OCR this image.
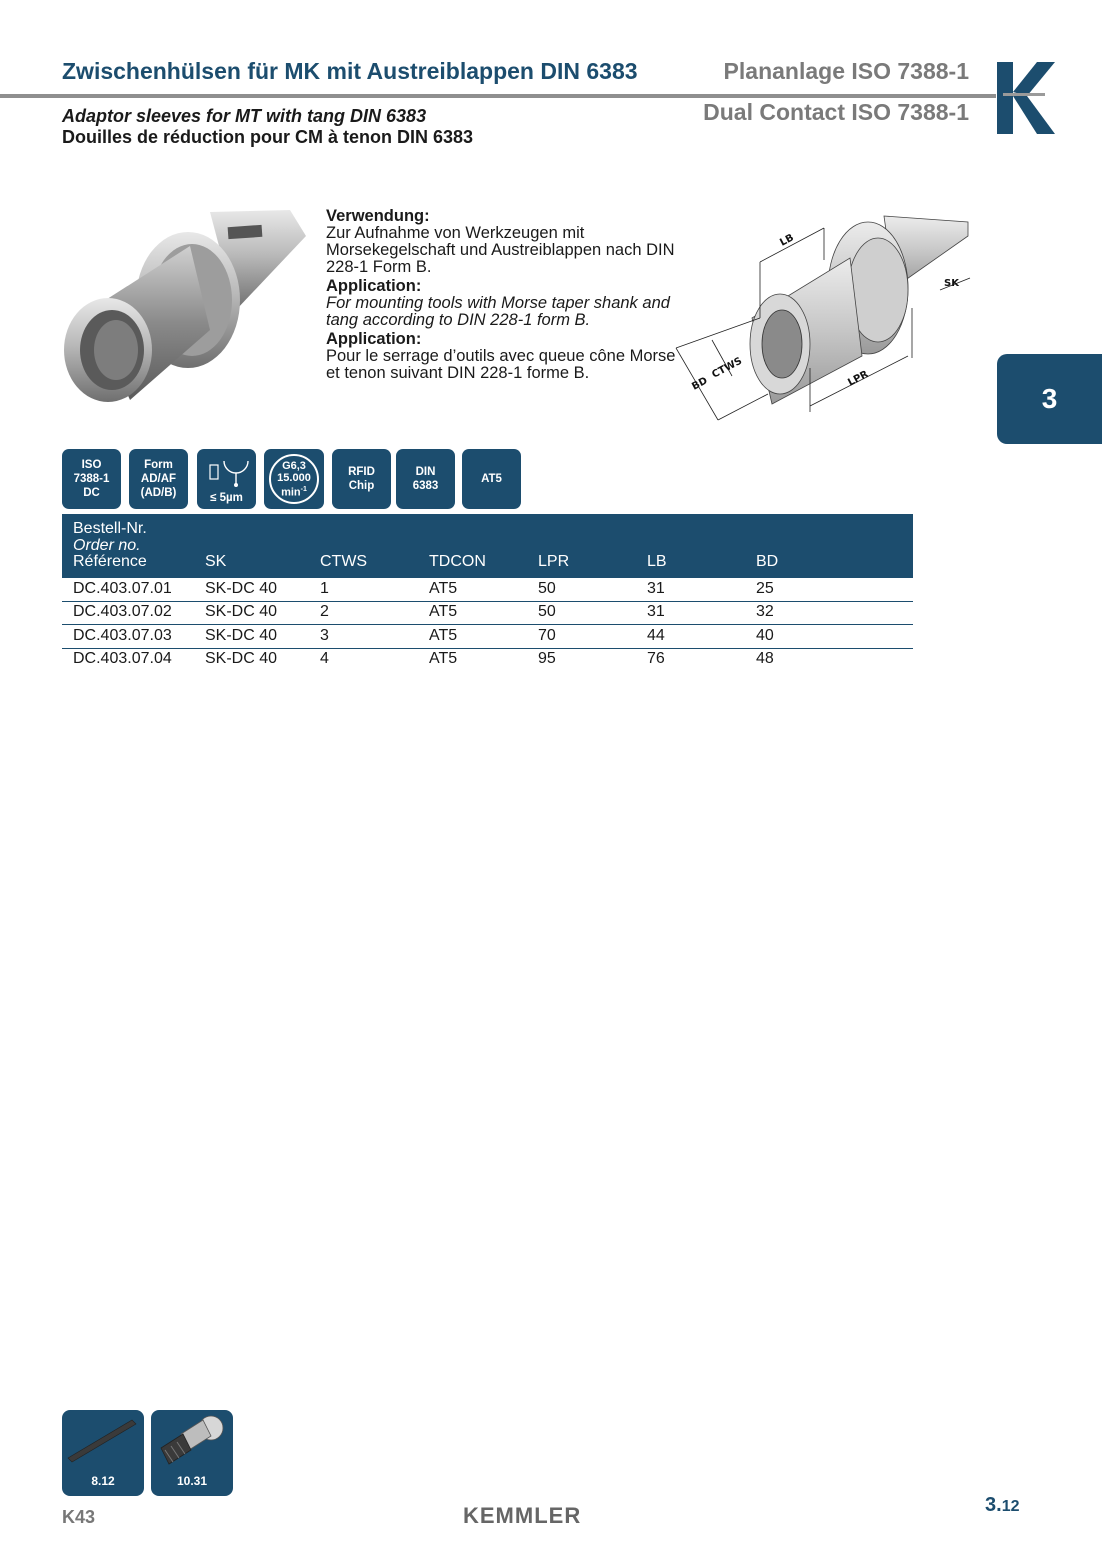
Zwischenhülsen für MK mit Austreiblappen DIN 6383	Plananlage ISO 7388-1
Dual Contact ISO 7388-1
Adaptor sleeves for MT with tang DIN 6383
Douilles de réduction pour CM à tenon DIN 6383
3

Verwendung:
Zur Aufnahme von Werkzeugen mit Morsekegelschaft und Austreiblappen nach DIN 228-1 Form B.

Application:
For mounting tools with Morse taper shank and tang according to DIN 228-1 form B.

Application:
Pour le serrage d’outils avec queue cône Morse et tenon suivant DIN 228-1 forme B.

LB
SK
CTWS
BD	LPR
ISO
7388-1
DC
Form
AD/AF
(AD/B)	≤ 5µm
G6,3
15.000
$\min^{-1}$
RFID
Chip
DIN
6383
AT5
Bestell-Nr.
Order no.
Référence	SK	CTWS	TDCON	LPR	LB	BD
DC.403.07.01 SK-DC 40	1	AT5	50	31	25
DC.403.07.02 SK-DC 40	2	AT5	50	31	32
DC.403.07.03 SK-DC 40	3	AT5	70	44	40
DC.403.07.04 SK-DC 40	4	AT5	95	76	48
8.12	10.31
K43	KEMMLER	3.12
